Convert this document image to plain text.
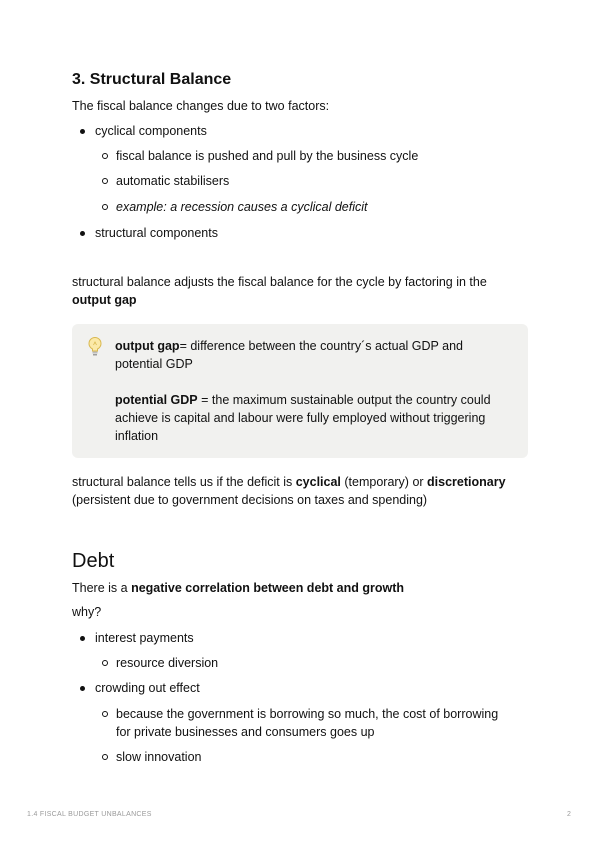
3. Structural Balance

The fiscal balance changes due to two factors:

cyclical components
fiscal balance is pushed and pull by the business cycle
automatic stabilisers
example: a recession causes a cyclical deficit
structural components

structural balance adjusts the fiscal balance for the cycle by factoring in the
output gap

output gap= difference between the country´s actual GDP and
potential GDP

potential GDP = the maximum sustainable output the country could
achieve is capital and labour were fully employed without triggering
inflation

structural balance tells us if the deficit is cyclical (temporary) or discretionary
(persistent due to government decisions on taxes and spending)

Debt

There is a negative correlation between debt and growth

why?

interest payments
resource diversion
crowding out effect
because the government is borrowing so much, the cost of borrowing
for private businesses and consumers goes up
slow innovation
1.4 FISCAL BUDGET UNBALANCES	2
